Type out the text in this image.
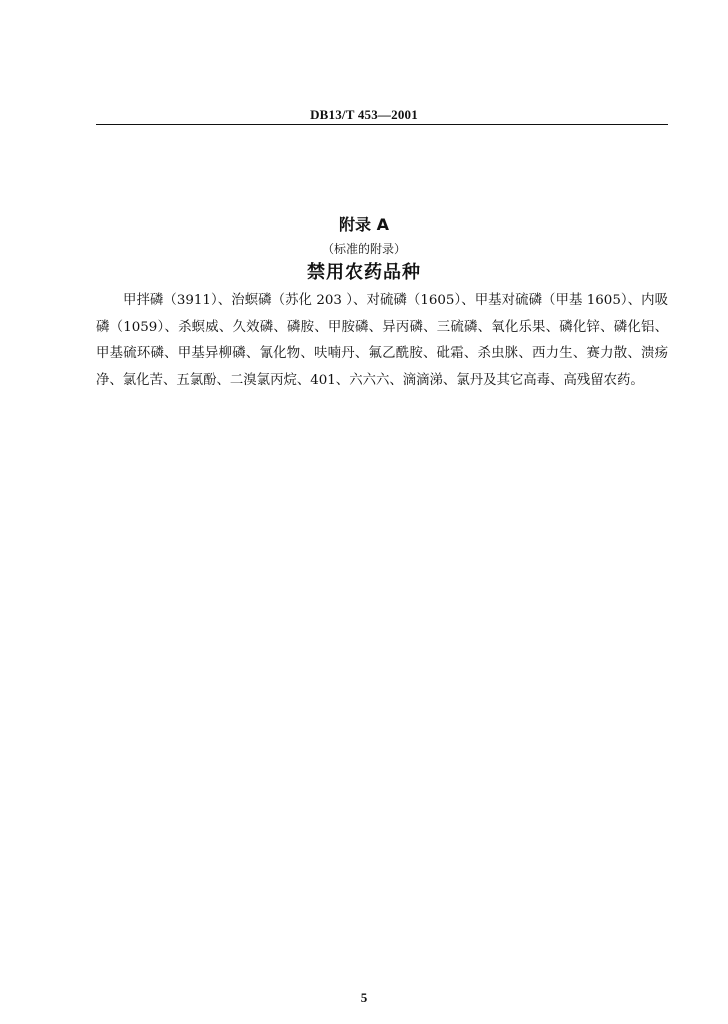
DB13/T 453—2001
附录 A
（标准的附录）
禁用农药品种

甲拌磷（3911）、治螟磷（苏化 203 ）、对硫磷（1605）、甲基对硫磷（甲基 1605）、内吸磷（1059）、杀螟威、久效磷、磷胺、甲胺磷、异丙磷、三硫磷、氧化乐果、磷化锌、磷化铝、甲基硫环磷、甲基异柳磷、氰化物、呋喃丹、氟乙酰胺、砒霜、杀虫脒、西力生、赛力散、溃疡净、氯化苦、五氯酚、二溴氯丙烷、401、六六六、滴滴涕、氯丹及其它高毒、高残留农药。

5
